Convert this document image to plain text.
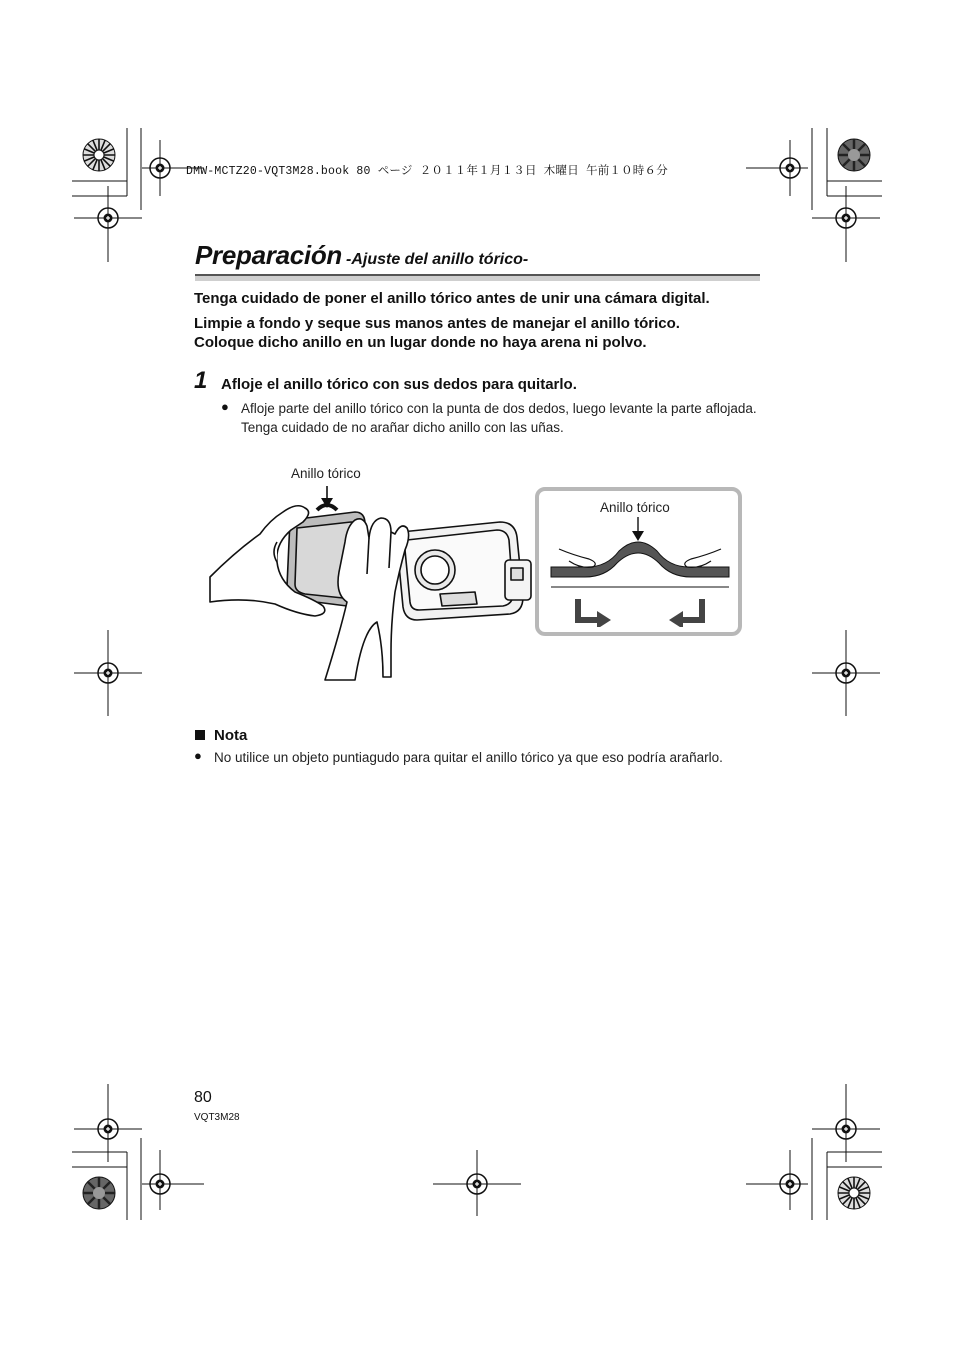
DMW-MCTZ20-VQT3M28.book 80 ページ ２０１１年１月１３日 木曜日 午前１０時６分
Preparación -Ajuste del anillo tórico-
Tenga cuidado de poner el anillo tórico antes de unir una cámara digital.
Limpie a fondo y seque sus manos antes de manejar el anillo tórico.
Coloque dicho anillo en un lugar donde no haya arena ni polvo.
1 Afloje el anillo tórico con sus dedos para quitarlo.
● Afloje parte del anillo tórico con la punta de dos dedos, luego levante la parte aflojada. Tenga cuidado de no arañar dicho anillo con las uñas.
Anillo tórico
Anillo tórico
Nota
● No utilice un objeto puntiagudo para quitar el anillo tórico ya que eso podría arañarlo.
80
VQT3M28
